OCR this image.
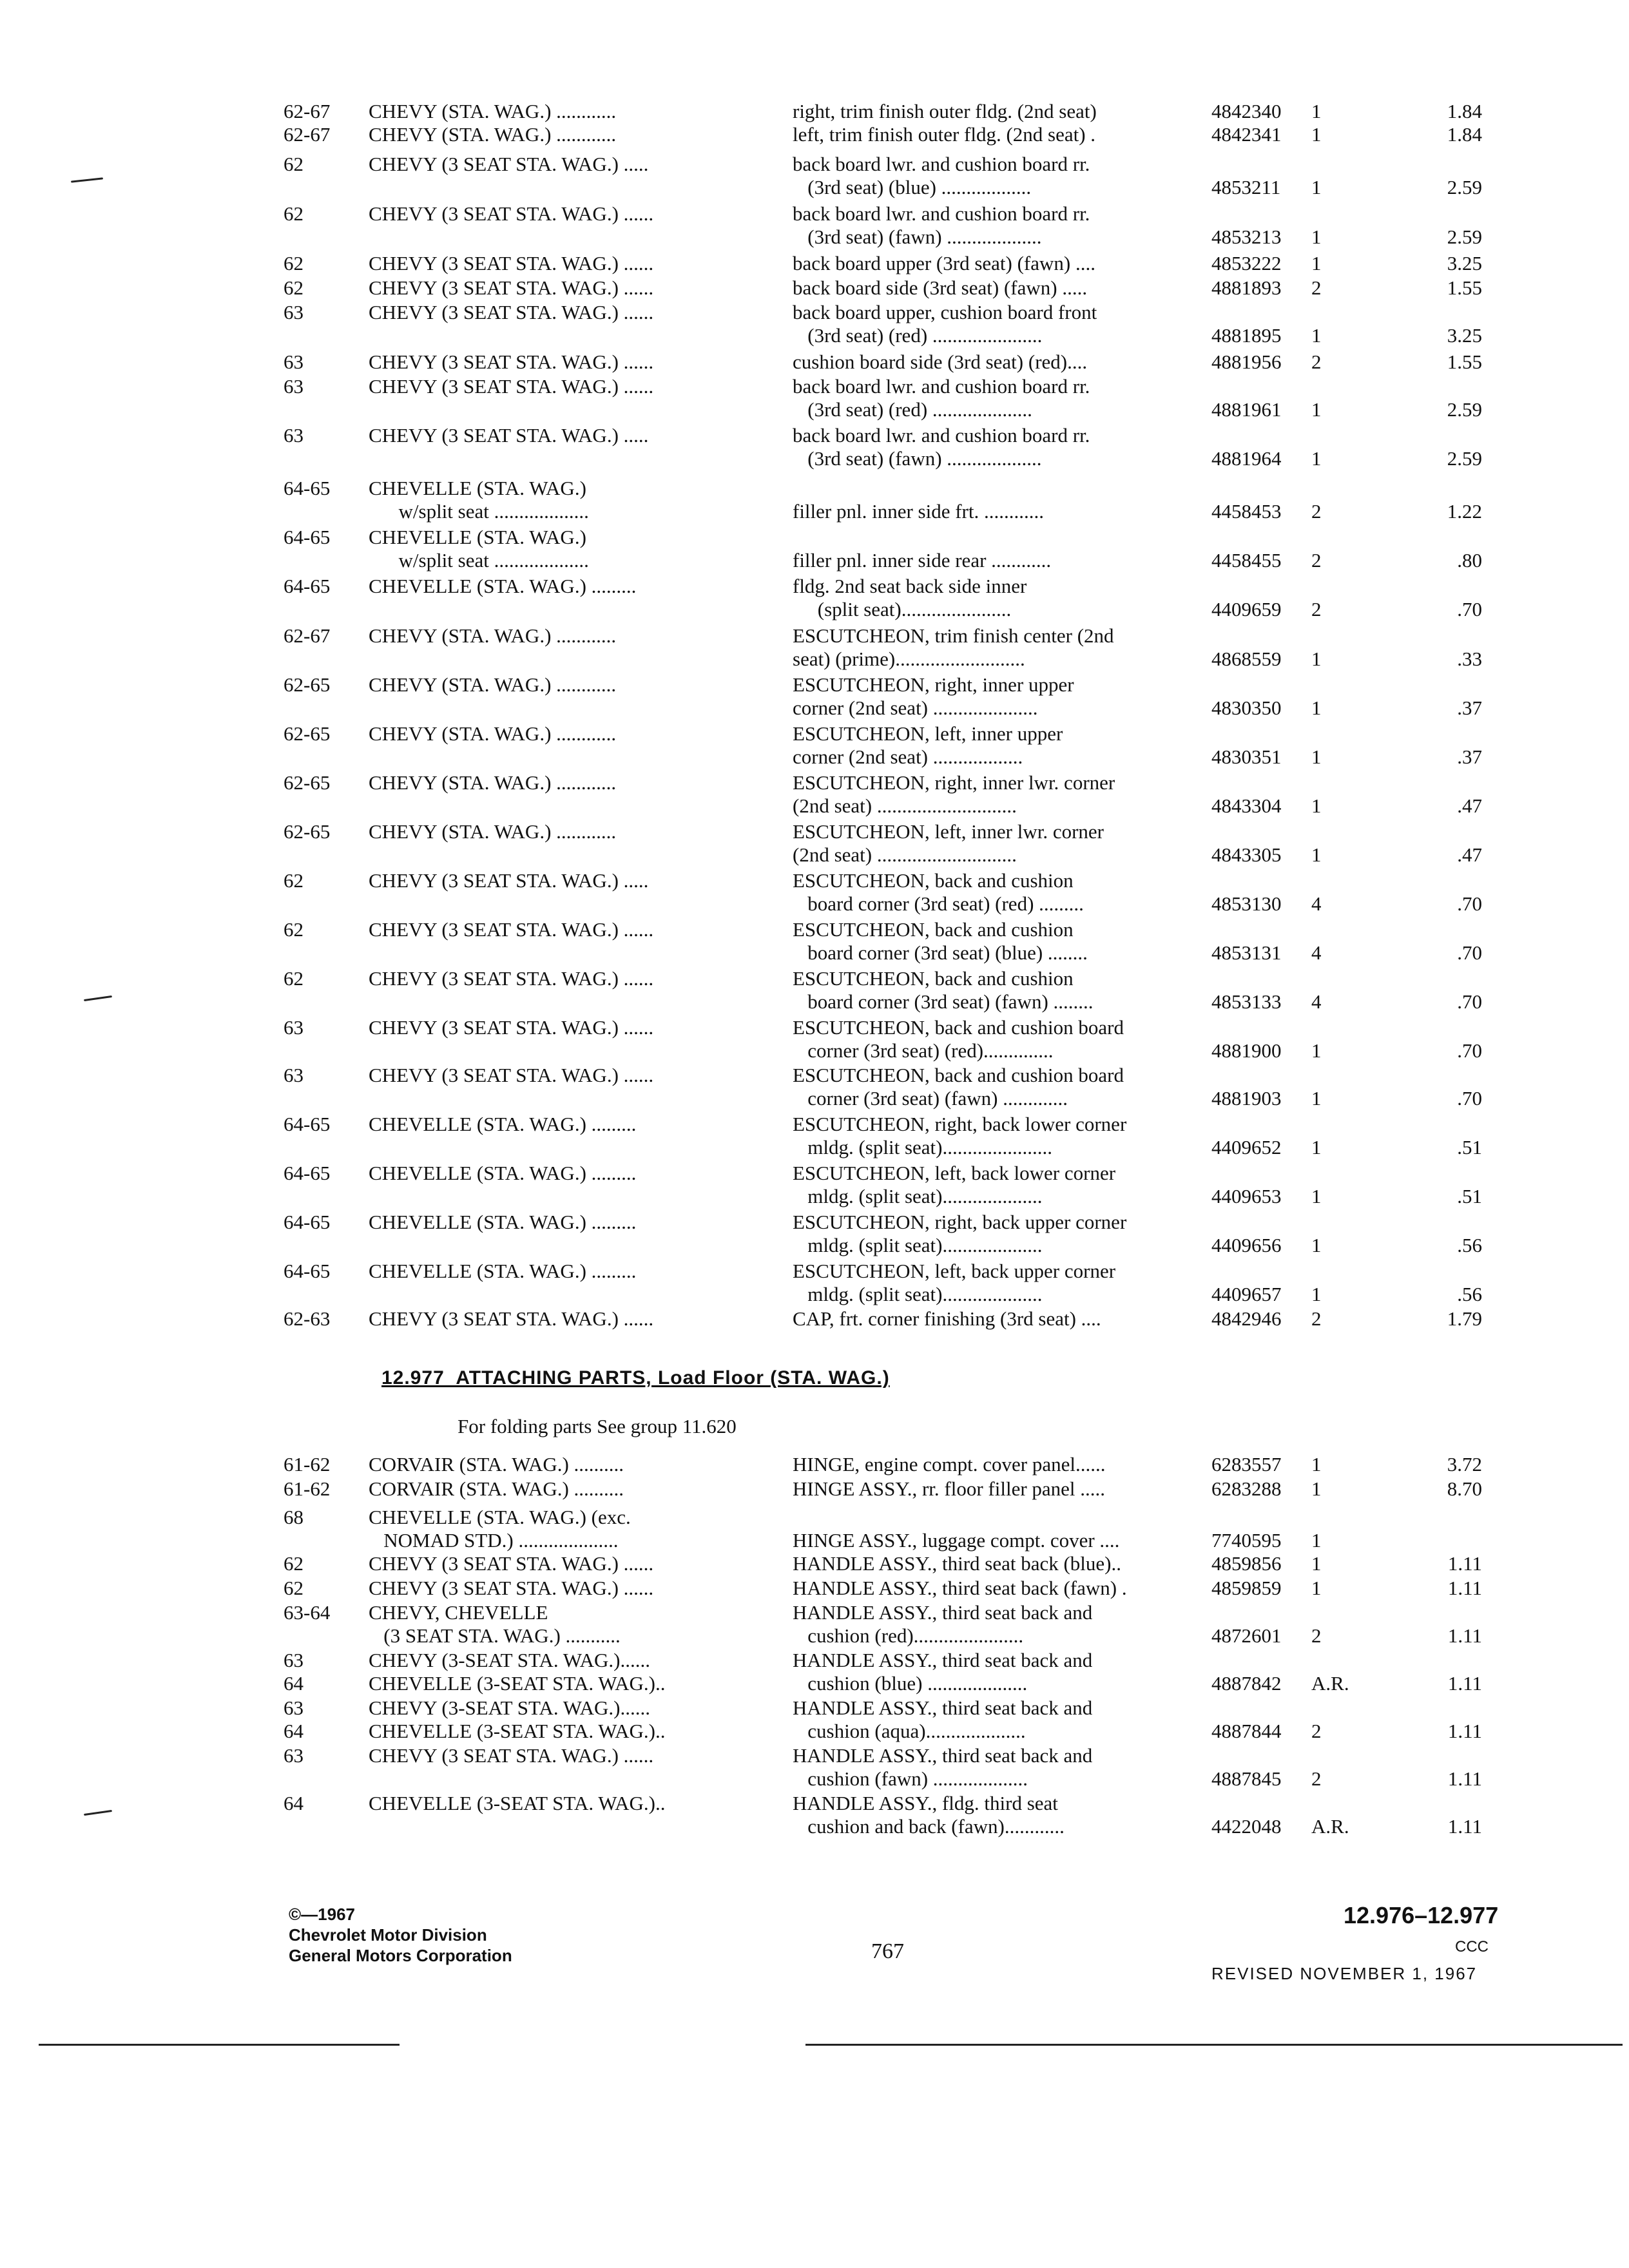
62-67 CHEVY (STA. WAG.) ............	right, trim finish outer fldg. (2nd seat)	4842340 1	1.84
62-67 CHEVY (STA. WAG.) ............	left, trim finish outer fldg. (2nd seat) .	4842341 1	1.84
62	CHEVY (3 SEAT STA. WAG.) .....	back board lwr. and cushion board rr.
(3rd seat) (blue) ..................	4853211 1	2.59
62	CHEVY (3 SEAT STA. WAG.) ......	back board lwr. and cushion board rr.
(3rd seat) (fawn) ...................	4853213 1	2.59
62	CHEVY (3 SEAT STA. WAG.) ......	back board upper (3rd seat) (fawn) ....	4853222 1	3.25
62	CHEVY (3 SEAT STA. WAG.) ......	back board side (3rd seat) (fawn) .....	4881893 2	1.55
63	CHEVY (3 SEAT STA. WAG.) ......	back board upper, cushion board front
(3rd seat) (red) ......................	4881895 1	3.25
63	CHEVY (3 SEAT STA. WAG.) ......	cushion board side (3rd seat) (red)....	4881956 2	1.55
63	CHEVY (3 SEAT STA. WAG.) ......	back board lwr. and cushion board rr.
(3rd seat) (red) ....................	4881961 1	2.59
63	CHEVY (3 SEAT STA. WAG.) .....	back board lwr. and cushion board rr.
(3rd seat) (fawn) ...................	4881964 1	2.59
64-65 CHEVELLE (STA. WAG.)
w/split seat ...................	filler pnl. inner side frt. ............	4458453 2	1.22
64-65 CHEVELLE (STA. WAG.)
w/split seat ...................	filler pnl. inner side rear ............	4458455 2	.80
64-65 CHEVELLE (STA. WAG.) .........	fldg. 2nd seat back side inner
(split seat)......................	4409659 2	.70
62-67 CHEVY (STA. WAG.) ............	ESCUTCHEON, trim finish center (2nd
seat) (prime)..........................	4868559 1	.33
62-65 CHEVY (STA. WAG.) ............	ESCUTCHEON, right, inner upper
corner (2nd seat) .....................	4830350 1	.37
62-65 CHEVY (STA. WAG.) ............	ESCUTCHEON, left, inner upper
corner (2nd seat) ..................	4830351 1	.37
62-65 CHEVY (STA. WAG.) ............	ESCUTCHEON, right, inner lwr. corner
(2nd seat) ............................	4843304 1	.47
62-65 CHEVY (STA. WAG.) ............	ESCUTCHEON, left, inner lwr. corner
(2nd seat) ............................	4843305 1	.47
62	CHEVY (3 SEAT STA. WAG.) .....	ESCUTCHEON, back and cushion
board corner (3rd seat) (red) .........	4853130 4	.70
62	CHEVY (3 SEAT STA. WAG.) ......	ESCUTCHEON, back and cushion
board corner (3rd seat) (blue) ........	4853131 4	.70
62	CHEVY (3 SEAT STA. WAG.) ......	ESCUTCHEON, back and cushion
board corner (3rd seat) (fawn) ........	4853133 4	.70
63	CHEVY (3 SEAT STA. WAG.) ......	ESCUTCHEON, back and cushion board
corner (3rd seat) (red)..............	4881900 1	.70
63	CHEVY (3 SEAT STA. WAG.) ......	ESCUTCHEON, back and cushion board
corner (3rd seat) (fawn) .............	4881903 1	.70
64-65 CHEVELLE (STA. WAG.) .........	ESCUTCHEON, right, back lower corner
mldg. (split seat)......................	4409652 1	.51
64-65 CHEVELLE (STA. WAG.) .........	ESCUTCHEON, left, back lower corner
mldg. (split seat)....................	4409653 1	.51
64-65 CHEVELLE (STA. WAG.) .........	ESCUTCHEON, right, back upper corner
mldg. (split seat)....................	4409656 1	.56
64-65 CHEVELLE (STA. WAG.) .........	ESCUTCHEON, left, back upper corner
mldg. (split seat)....................	4409657 1	.56
62-63 CHEVY (3 SEAT STA. WAG.) ......	CAP, frt. corner finishing (3rd seat) ....	4842946 2	1.79
12.977  ATTACHING PARTS, Load Floor (STA. WAG.)
For folding parts See group 11.620
61-62 CORVAIR (STA. WAG.) ..........	HINGE, engine compt. cover panel......	6283557 1	3.72
61-62 CORVAIR (STA. WAG.) ..........	HINGE ASSY., rr. floor filler panel .....	6283288 1	8.70
68	CHEVELLE (STA. WAG.) (exc.
NOMAD STD.) ....................	HINGE ASSY., luggage compt. cover ....	7740595 1
62	CHEVY (3 SEAT STA. WAG.) ......	HANDLE ASSY., third seat back (blue)..	4859856 1	1.11
62	CHEVY (3 SEAT STA. WAG.) ......	HANDLE ASSY., third seat back (fawn) .	4859859 1	1.11
63-64 CHEVY, CHEVELLE	HANDLE ASSY., third seat back and
(3 SEAT STA. WAG.) ...........	cushion (red)......................	4872601 2	1.11
63	CHEVY (3-SEAT STA. WAG.)......	HANDLE ASSY., third seat back and
64	CHEVELLE (3-SEAT STA. WAG.)..	cushion (blue) ....................	4887842 A.R.	1.11
63	CHEVY (3-SEAT STA. WAG.)......	HANDLE ASSY., third seat back and
64	CHEVELLE (3-SEAT STA. WAG.)..	cushion (aqua)....................	4887844 2	1.11
63	CHEVY (3 SEAT STA. WAG.) ......	HANDLE ASSY., third seat back and
cushion (fawn) ...................	4887845 2	1.11
64	CHEVELLE (3-SEAT STA. WAG.)..	HANDLE ASSY., fldg. third seat
cushion and back (fawn)............	4422048 A.R.	1.11
©—1967
Chevrolet Motor Division
General Motors Corporation	767
12.976–12.977
CCC
REVISED NOVEMBER 1, 1967
